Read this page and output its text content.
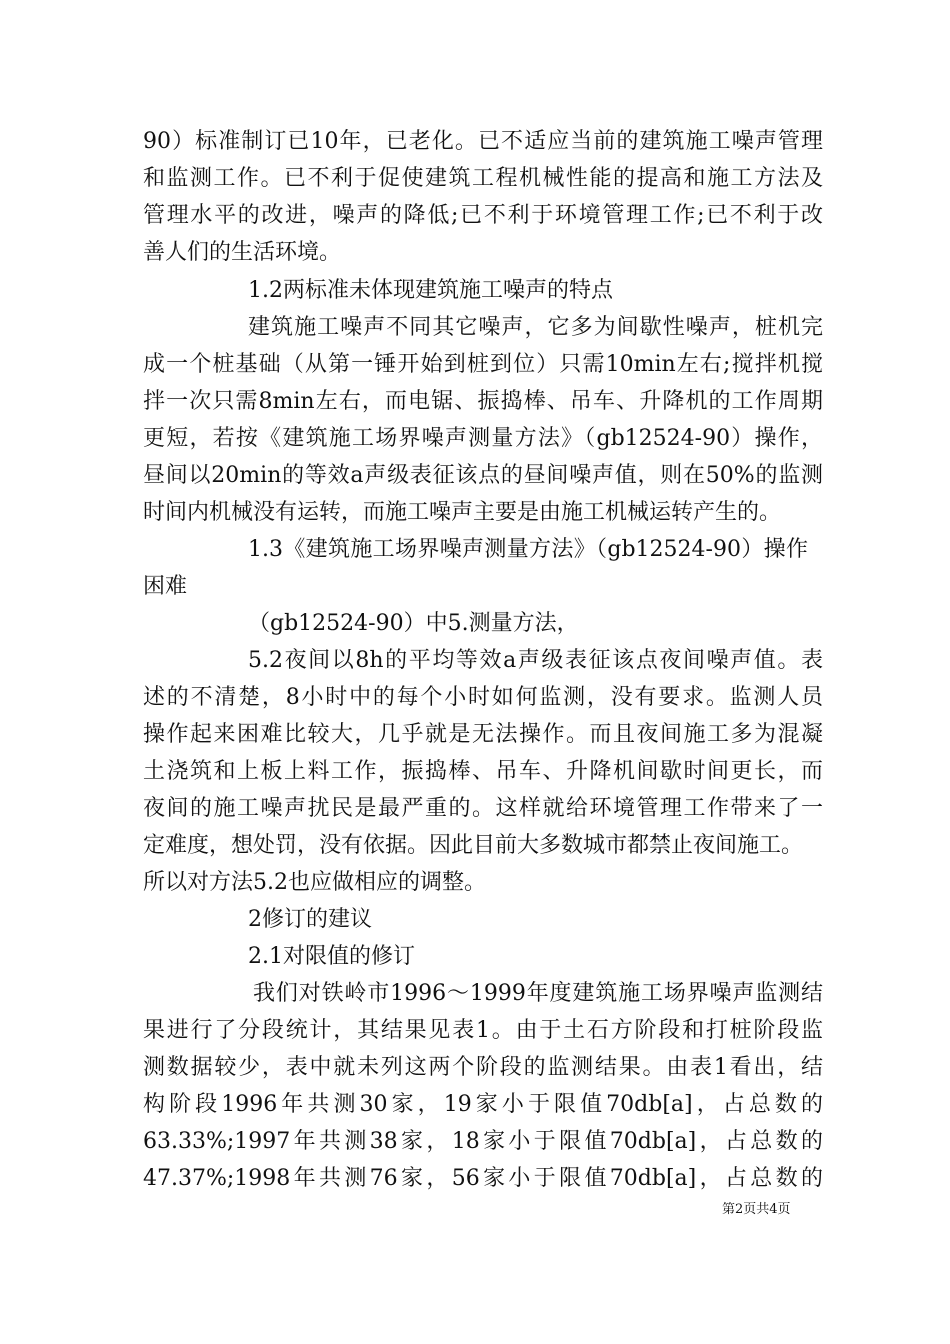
90）标准制订已10年，已老化。已不适应当前的建筑施工噪声管理
和监测工作。已不利于促使建筑工程机械性能的提高和施工方法及
管理水平的改进，噪声的降低;已不利于环境管理工作;已不利于改
善人们的生活环境。
1.2两标准未体现建筑施工噪声的特点
建筑施工噪声不同其它噪声，它多为间歇性噪声，桩机完
成一个桩基础（从第一锤开始到桩到位）只需10min左右;搅拌机搅
拌一次只需8min左右，而电锯、振捣棒、吊车、升降机的工作周期
更短，若按《建筑施工场界噪声测量方法》（gb12524-90）操作，
昼间以20min的等效a声级表征该点的昼间噪声值，则在50%的监测
时间内机械没有运转，而施工噪声主要是由施工机械运转产生的。
1.3《建筑施工场界噪声测量方法》（gb12524-90）操作
困难
（gb12524-90）中5.测量方法，
5.2夜间以8h的平均等效a声级表征该点夜间噪声值。表
述的不清楚，8小时中的每个小时如何监测，没有要求。监测人员
操作起来困难比较大，几乎就是无法操作。而且夜间施工多为混凝
土浇筑和上板上料工作，振捣棒、吊车、升降机间歇时间更长，而
夜间的施工噪声扰民是最严重的。这样就给环境管理工作带来了一
定难度，想处罚，没有依据。因此目前大多数城市都禁止夜间施工。
所以对方法5.2也应做相应的调整。
2修订的建议
2.1对限值的修订
我们对铁岭市1996～1999年度建筑施工场界噪声监测结
果进行了分段统计，其结果见表1。由于土石方阶段和打桩阶段监
测数据较少，表中就未列这两个阶段的监测结果。由表1看出，结
构阶段1996年共测30家，19家小于限值70db[a]，占总数的
63.33%;1997年共测38家，18家小于限值70db[a]，占总数的
47.37%;1998年共测76家，56家小于限值70db[a]，占总数的
第2页共4页
